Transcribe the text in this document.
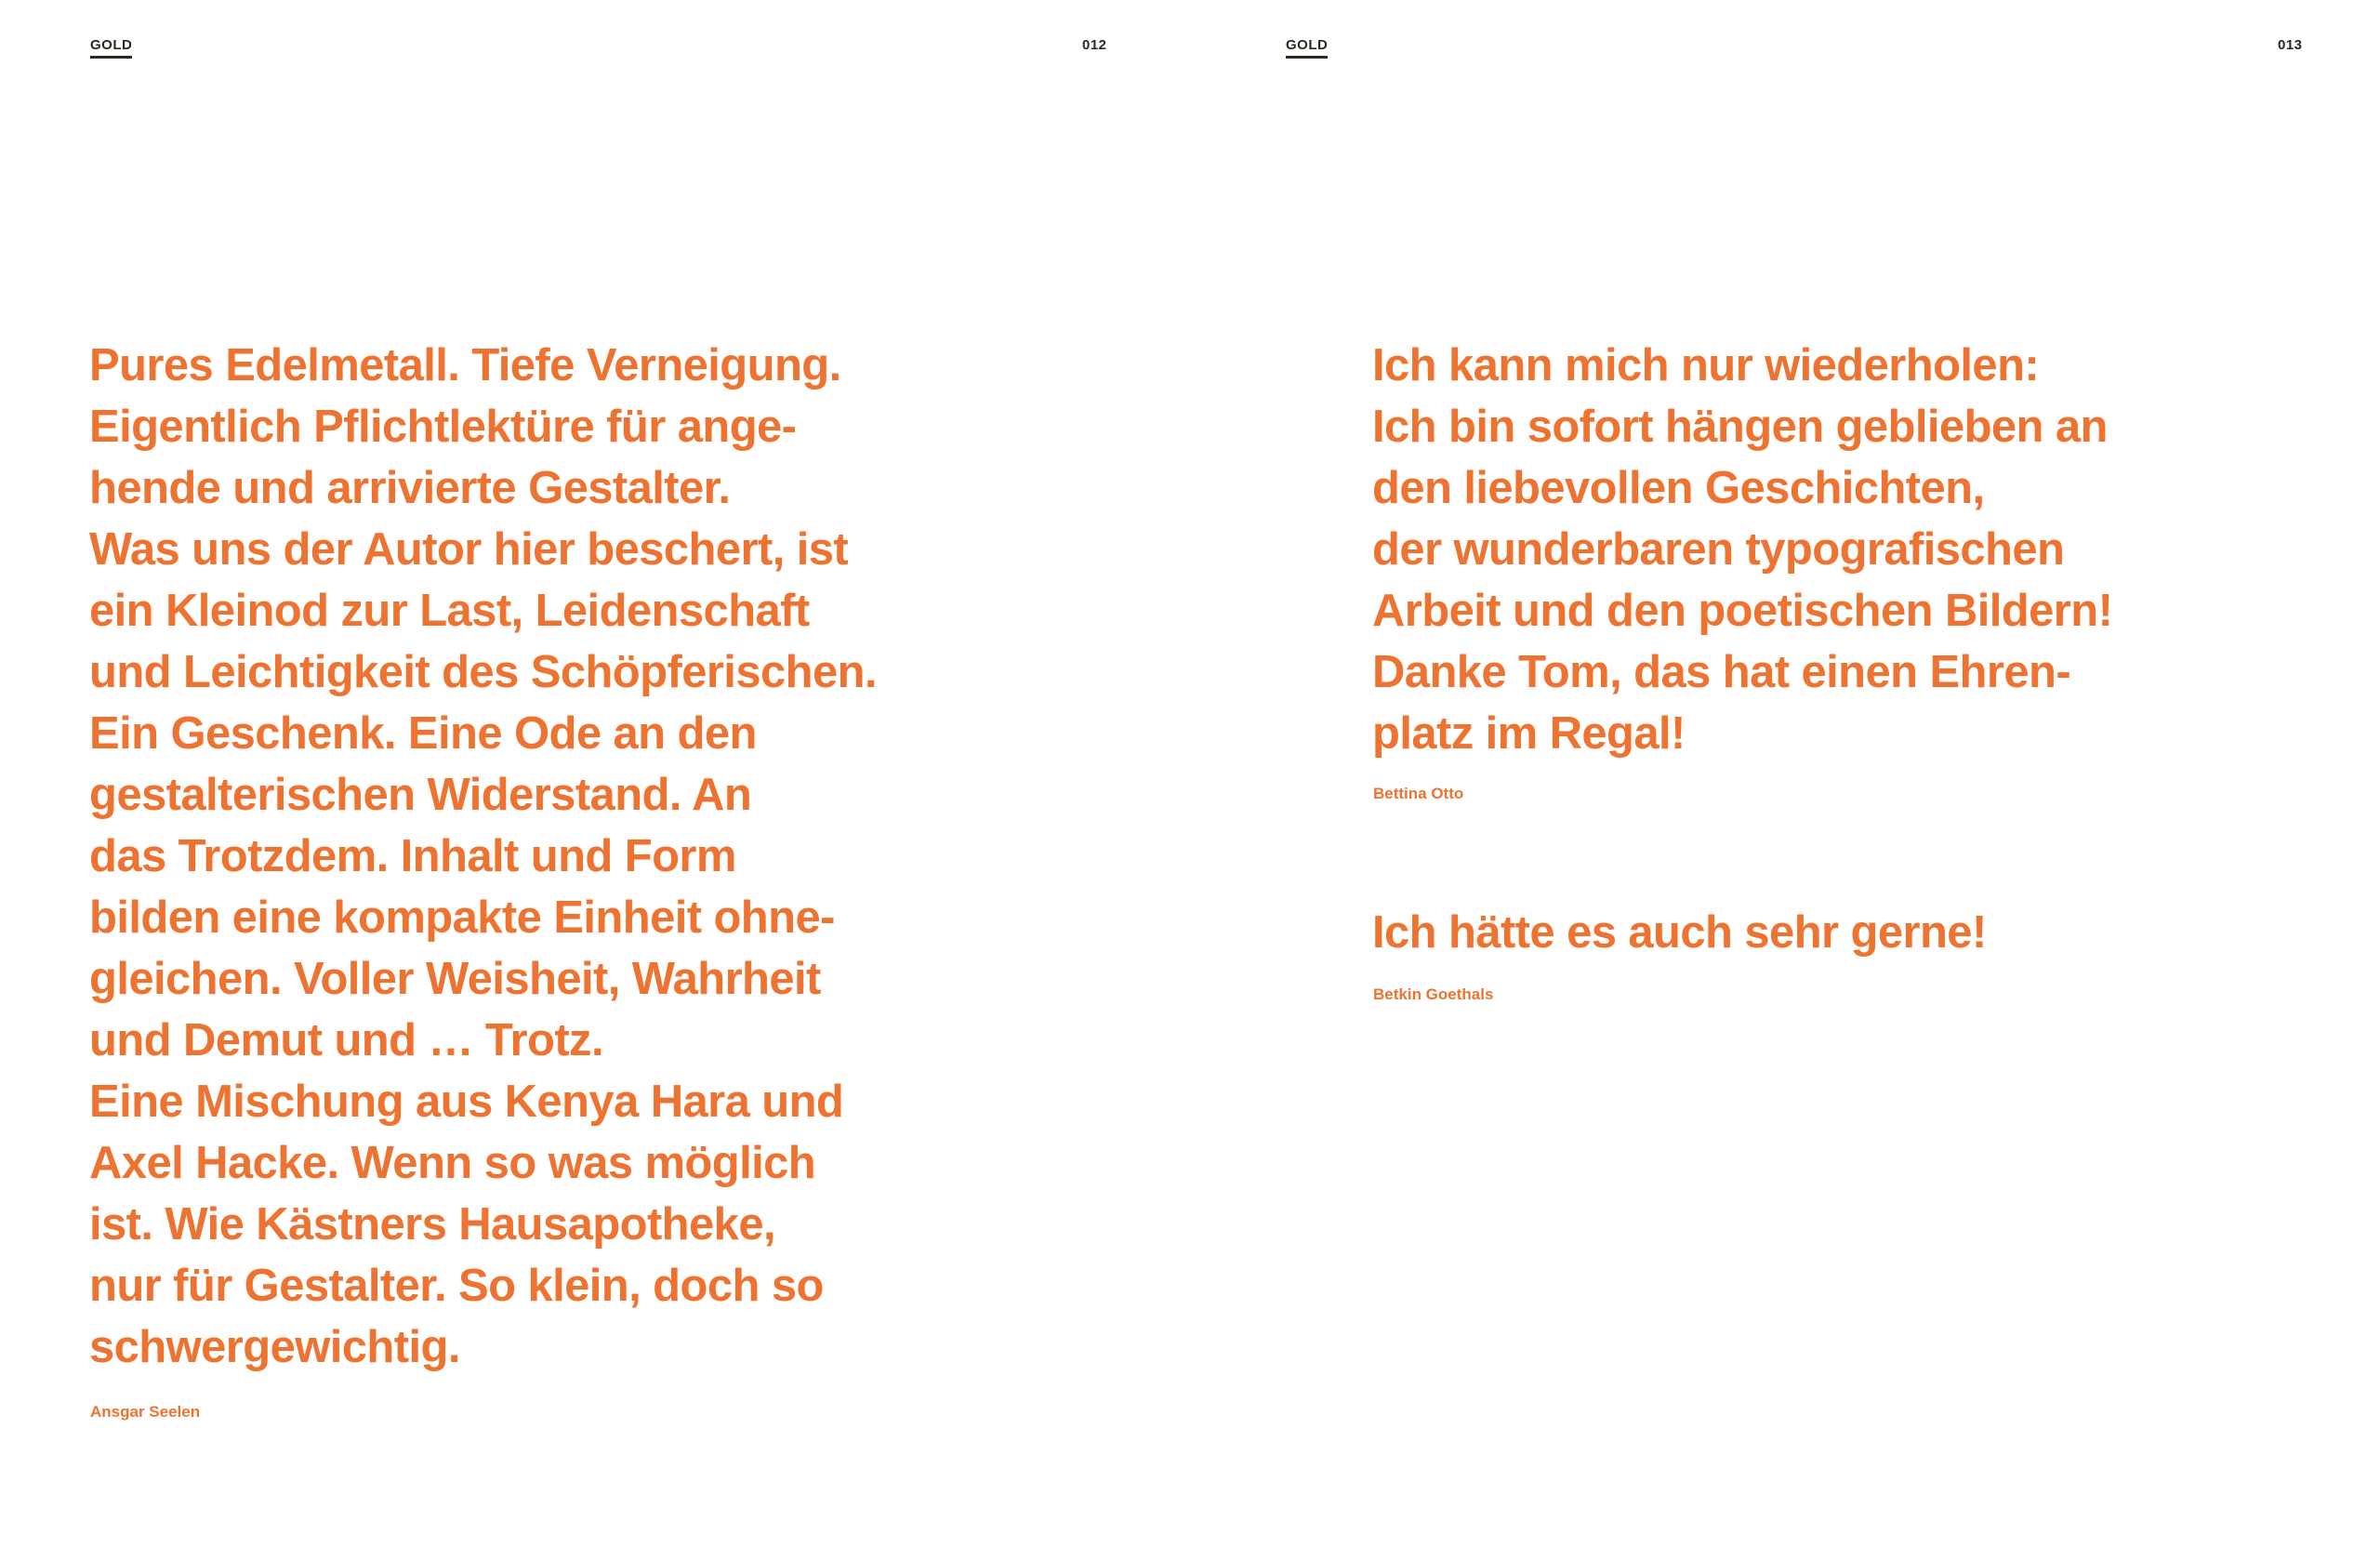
GOLD	012
Pures Edelmetall. Tiefe Verneigung.
Eigentlich Pflichtlektüre für ange-
hende und arrivierte Gestalter.
Was uns der Autor hier beschert, ist
ein Kleinod zur Last, Leidenschaft
und Leichtigkeit des Schöpferischen.
Ein Geschenk. Eine Ode an den
gestalterischen Widerstand. An
das Trotzdem. Inhalt und Form
bilden eine kompakte Einheit ohne-
gleichen. Voller Weisheit, Wahrheit
und Demut und … Trotz.
Eine Mischung aus Kenya Hara und
Axel Hacke. Wenn so was möglich
ist. Wie Kästners Hausapotheke,
nur für Gestalter. So klein, doch so
schwergewichtig.
Ansgar Seelen
GOLD	013
Ich kann mich nur wiederholen:
Ich bin sofort hängen geblieben an
den liebevollen Geschichten,
der wunderbaren typografischen
Arbeit und den poetischen Bildern!
Danke Tom, das hat einen Ehren-
platz im Regal!
Bettina Otto
Ich hätte es auch sehr gerne!
Betkin Goethals
